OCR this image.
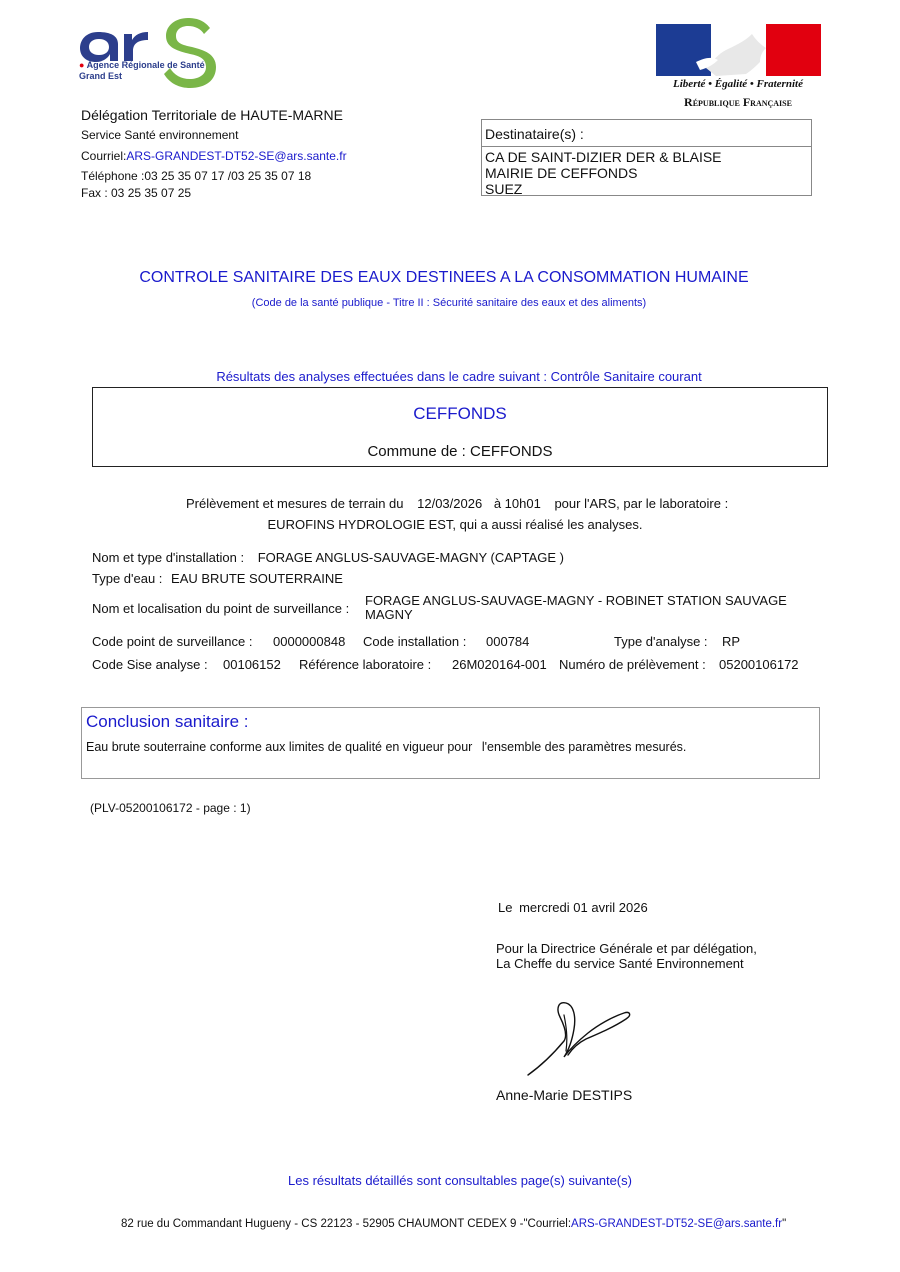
● Agence Régionale de Santé
Grand Est
Liberté • Égalité • Fraternité
République Française
Délégation Territoriale de HAUTE-MARNE
Service Santé environnement
Courriel:ARS-GRANDEST-DT52-SE@ars.sante.fr
Téléphone :03 25 35 07 17 /03 25 35 07 18
Fax : 03 25 35 07 25
Destinataire(s) :
CA DE SAINT-DIZIER DER & BLAISE
MAIRIE DE CEFFONDS
SUEZ
CONTROLE SANITAIRE DES EAUX DESTINEES A LA CONSOMMATION HUMAINE
(Code de la santé publique - Titre II : Sécurité sanitaire des eaux et des aliments)
Résultats des analyses effectuées dans le cadre suivant : Contrôle Sanitaire courant
CEFFONDS
Commune de : CEFFONDS
Prélèvement et mesures de terrain du 12/03/2026 à 10h01 pour l'ARS, par le laboratoire :
EUROFINS HYDROLOGIE EST, qui a aussi réalisé les analyses.
Nom et type d'installation : FORAGE ANGLUS-SAUVAGE-MAGNY (CAPTAGE )
Type d'eau : EAU BRUTE SOUTERRAINE
Nom et localisation du point de surveillance :
FORAGE ANGLUS-SAUVAGE-MAGNY - ROBINET STATION SAUVAGE MAGNY
Code point de surveillance : 0000000848 Code installation : 000784	Type d'analyse : RP
Code Sise analyse : 00106152 Référence laboratoire : 26M020164-001 Numéro de prélèvement : 05200106172
Conclusion sanitaire :
Eau brute souterraine conforme aux limites de qualité en vigueur pour l'ensemble des paramètres mesurés.
(PLV-05200106172 - page : 1)
Le mercredi 01 avril 2026
Pour la Directrice Générale et par délégation,
La Cheffe du service Santé Environnement
Anne-Marie DESTIPS
Les résultats détaillés sont consultables page(s) suivante(s)
82 rue du Commandant Hugueny - CS 22123 - 52905 CHAUMONT CEDEX 9 -"Courriel:ARS-GRANDEST-DT52-SE@ars.sante.fr"
